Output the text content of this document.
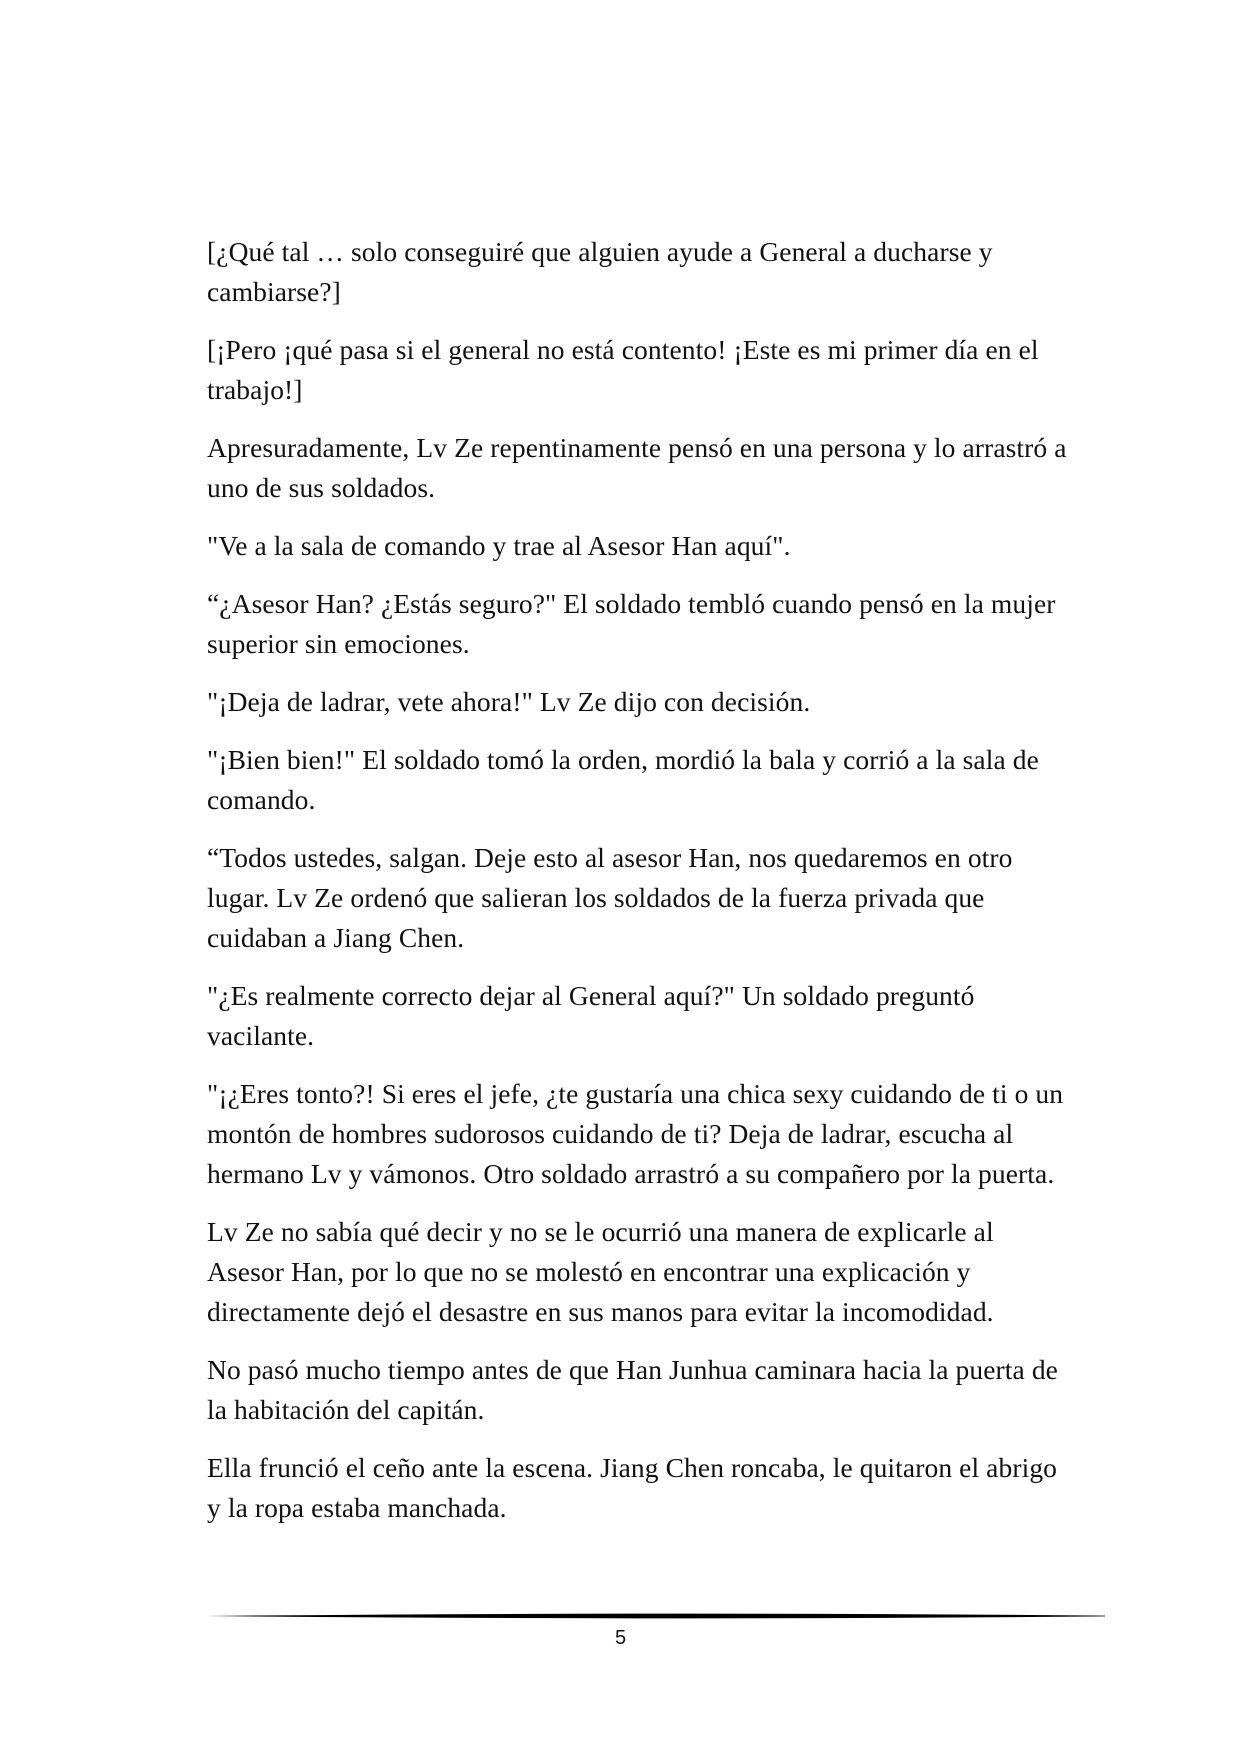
[¿Qué tal … solo conseguiré que alguien ayude a General a ducharse y cambiarse?]

[¡Pero ¡qué pasa si el general no está contento! ¡Este es mi primer día en el trabajo!]

Apresuradamente, Lv Ze repentinamente pensó en una persona y lo arrastró a uno de sus soldados.

"Ve a la sala de comando y trae al Asesor Han aquí".

“¿Asesor Han? ¿Estás seguro?" El soldado tembló cuando pensó en la mujer superior sin emociones.

"¡Deja de ladrar, vete ahora!" Lv Ze dijo con decisión.

"¡Bien bien!" El soldado tomó la orden, mordió la bala y corrió a la sala de comando.

“Todos ustedes, salgan. Deje esto al asesor Han, nos quedaremos en otro lugar. Lv Ze ordenó que salieran los soldados de la fuerza privada que cuidaban a Jiang Chen.

"¿Es realmente correcto dejar al General aquí?" Un soldado preguntó vacilante.

"¡¿Eres tonto?! Si eres el jefe, ¿te gustaría una chica sexy cuidando de ti o un montón de hombres sudorosos cuidando de ti? Deja de ladrar, escucha al hermano Lv y vámonos. Otro soldado arrastró a su compañero por la puerta.

Lv Ze no sabía qué decir y no se le ocurrió una manera de explicarle al Asesor Han, por lo que no se molestó en encontrar una explicación y directamente dejó el desastre en sus manos para evitar la incomodidad.

No pasó mucho tiempo antes de que Han Junhua caminara hacia la puerta de la habitación del capitán.

Ella frunció el ceño ante la escena. Jiang Chen roncaba, le quitaron el abrigo y la ropa estaba manchada.

5
